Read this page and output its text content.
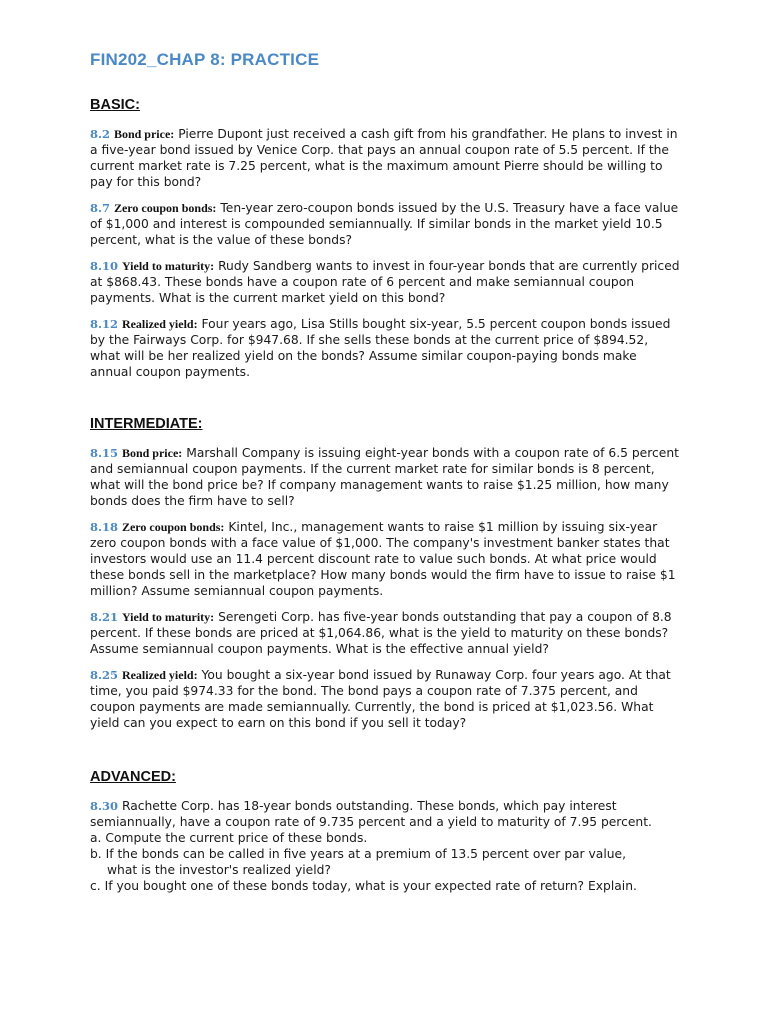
FIN202_CHAP 8: PRACTICE
BASIC:
8.2 Bond price: Pierre Dupont just received a cash gift from his grandfather. He plans to invest in a five-year bond issued by Venice Corp. that pays an annual coupon rate of 5.5 percent. If the current market rate is 7.25 percent, what is the maximum amount Pierre should be willing to pay for this bond?
8.7 Zero coupon bonds: Ten-year zero-coupon bonds issued by the U.S. Treasury have a face value of $1,000 and interest is compounded semiannually. If similar bonds in the market yield 10.5 percent, what is the value of these bonds?
8.10 Yield to maturity: Rudy Sandberg wants to invest in four-year bonds that are currently priced at $868.43. These bonds have a coupon rate of 6 percent and make semiannual coupon payments. What is the current market yield on this bond?
8.12 Realized yield: Four years ago, Lisa Stills bought six-year, 5.5 percent coupon bonds issued by the Fairways Corp. for $947.68. If she sells these bonds at the current price of $894.52, what will be her realized yield on the bonds? Assume similar coupon-paying bonds make annual coupon payments.
INTERMEDIATE:
8.15 Bond price: Marshall Company is issuing eight-year bonds with a coupon rate of 6.5 percent and semiannual coupon payments. If the current market rate for similar bonds is 8 percent, what will the bond price be? If company management wants to raise $1.25 million, how many bonds does the firm have to sell?
8.18 Zero coupon bonds: Kintel, Inc., management wants to raise $1 million by issuing six-year zero coupon bonds with a face value of $1,000. The company's investment banker states that investors would use an 11.4 percent discount rate to value such bonds. At what price would these bonds sell in the marketplace? How many bonds would the firm have to issue to raise $1 million? Assume semiannual coupon payments.
8.21 Yield to maturity: Serengeti Corp. has five-year bonds outstanding that pay a coupon of 8.8 percent. If these bonds are priced at $1,064.86, what is the yield to maturity on these bonds? Assume semiannual coupon payments. What is the effective annual yield?
8.25 Realized yield: You bought a six-year bond issued by Runaway Corp. four years ago. At that time, you paid $974.33 for the bond. The bond pays a coupon rate of 7.375 percent, and coupon payments are made semiannually. Currently, the bond is priced at $1,023.56. What yield can you expect to earn on this bond if you sell it today?
ADVANCED:
8.30 Rachette Corp. has 18-year bonds outstanding. These bonds, which pay interest semiannually, have a coupon rate of 9.735 percent and a yield to maturity of 7.95 percent.
a. Compute the current price of these bonds.
b. If the bonds can be called in five years at a premium of 13.5 percent over par value,
what is the investor's realized yield?
c. If you bought one of these bonds today, what is your expected rate of return? Explain.
